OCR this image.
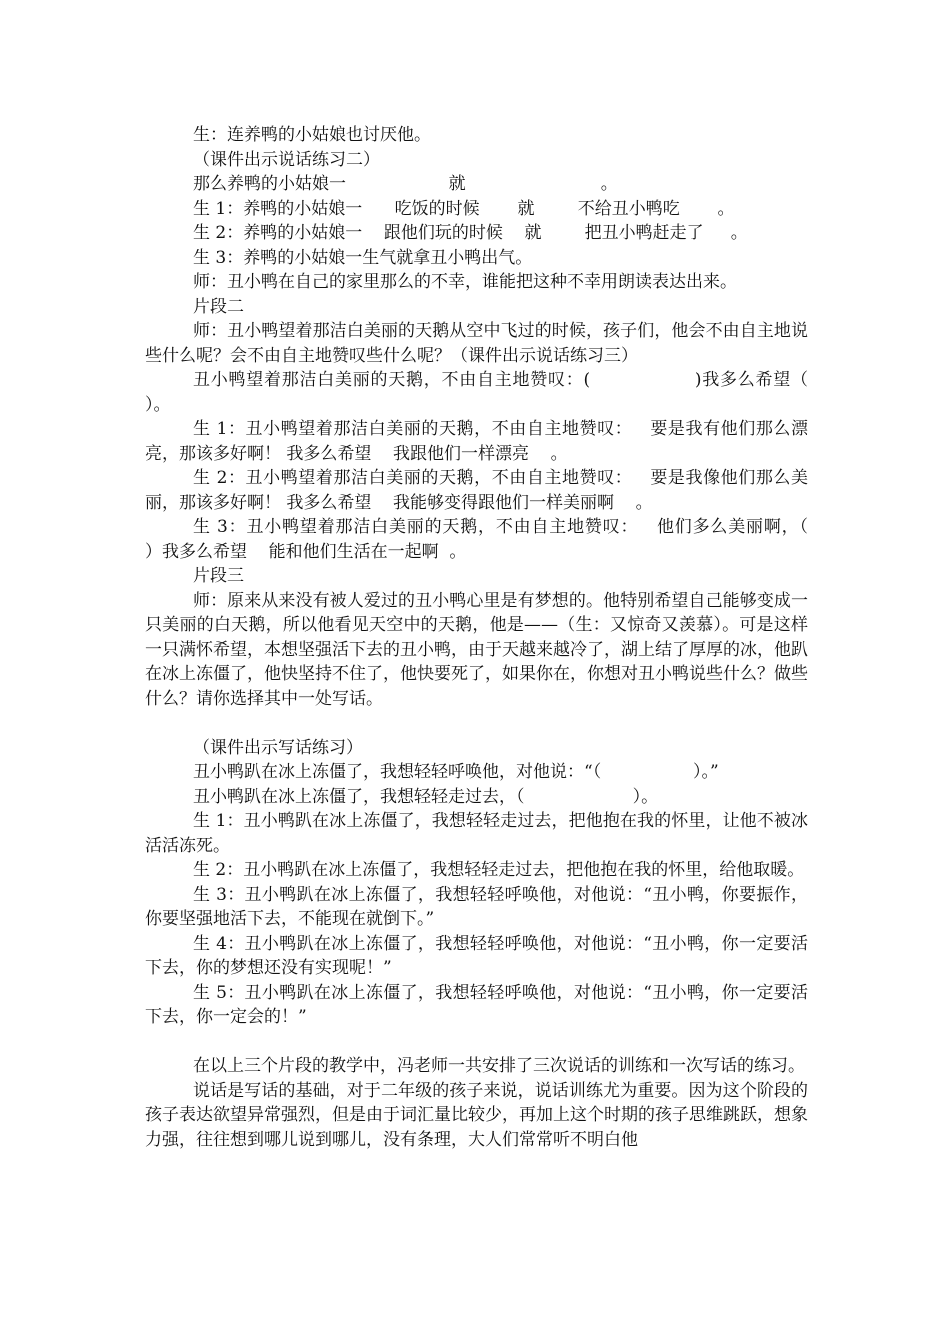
生：连养鸭的小姑娘也讨厌他。

（课件出示说话练习二）

那么养鸭的小姑娘一                   就                         。

生 1：养鸭的小姑娘一      吃饭的时候       就        不给丑小鸭吃       。

生 2：养鸭的小姑娘一    跟他们玩的时候    就        把丑小鸭赶走了     。

生 3：养鸭的小姑娘一生气就拿丑小鸭出气。

师：丑小鸭在自己的家里那么的不幸，谁能把这种不幸用朗读表达出来。

片段二

师：丑小鸭望着那洁白美丽的天鹅从空中飞过的时候，孩子们，他会不由自主地说些什么呢？会不由自主地赞叹些什么呢？（课件出示说话练习三）

丑小鸭望着那洁白美丽的天鹅，不由自主地赞叹：(                 )我多么希望（                    ）。

生 1：丑小鸭望着那洁白美丽的天鹅，不由自主地赞叹：   要是我有他们那么漂亮，那该多好啊！ 我多么希望    我跟他们一样漂亮    。

生 2：丑小鸭望着那洁白美丽的天鹅，不由自主地赞叹：   要是我像他们那么美丽，那该多好啊！ 我多么希望    我能够变得跟他们一样美丽啊    。

生 3：丑小鸭望着那洁白美丽的天鹅，不由自主地赞叹：   他们多么美丽啊，（                   ）我多么希望    能和他们生活在一起啊  。

片段三

师：原来从来没有被人爱过的丑小鸭心里是有梦想的。他特别希望自己能够变成一只美丽的白天鹅，所以他看见天空中的天鹅，他是——（生：又惊奇又羡慕）。可是这样一只满怀希望，本想坚强活下去的丑小鸭，由于天越来越冷了，湖上结了厚厚的冰，他趴在冰上冻僵了，他快坚持不住了，他快要死了，如果你在，你想对丑小鸭说些什么？做些什么？请你选择其中一处写话。

（课件出示写话练习）

丑小鸭趴在冰上冻僵了，我想轻轻呼唤他，对他说：“（                 ）。”

丑小鸭趴在冰上冻僵了，我想轻轻走过去，（                    ）。

生 1：丑小鸭趴在冰上冻僵了，我想轻轻走过去，把他抱在我的怀里，让他不被冰活活冻死。

生 2：丑小鸭趴在冰上冻僵了，我想轻轻走过去，把他抱在我的怀里，给他取暖。

生 3：丑小鸭趴在冰上冻僵了，我想轻轻呼唤他，对他说：“丑小鸭，你要振作，你要坚强地活下去，不能现在就倒下。”

生 4：丑小鸭趴在冰上冻僵了，我想轻轻呼唤他，对他说：“丑小鸭，你一定要活下去，你的梦想还没有实现呢！”

生 5：丑小鸭趴在冰上冻僵了，我想轻轻呼唤他，对他说：“丑小鸭，你一定要活下去，你一定会的！”

在以上三个片段的教学中，冯老师一共安排了三次说话的训练和一次写话的练习。

说话是写话的基础，对于二年级的孩子来说，说话训练尤为重要。因为这个阶段的孩子表达欲望异常强烈，但是由于词汇量比较少，再加上这个时期的孩子思维跳跃，想象力强，往往想到哪儿说到哪儿，没有条理，大人们常常听不明白他
